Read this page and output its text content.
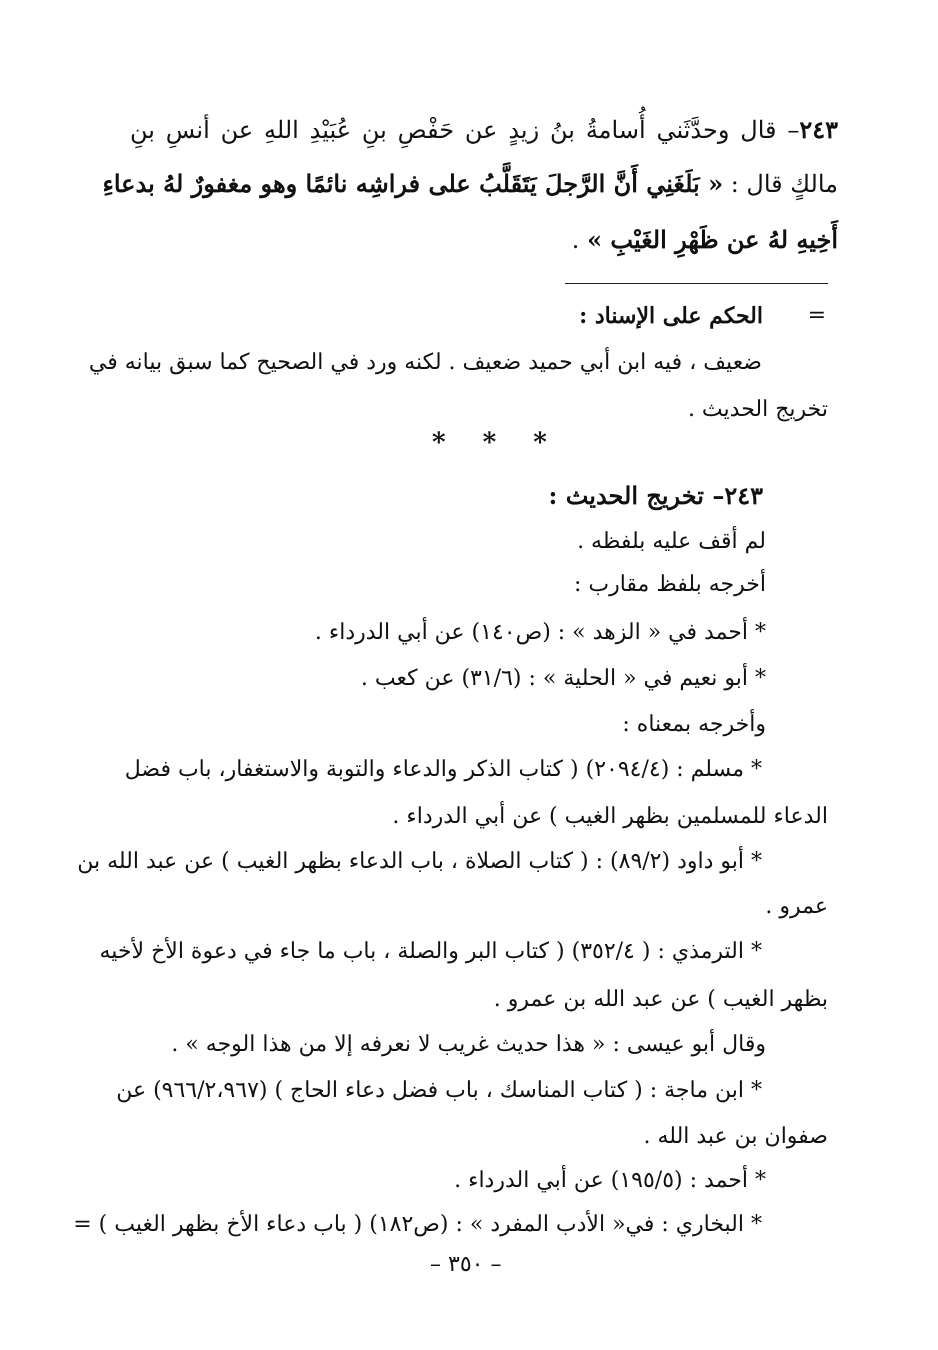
٢٤٣– قال وحدَّثَني أُسامةُ بنُ زيدٍ عن حَفْصِ بنِ عُبَيْدِ اللهِ عن أنسِ بنِ
مالكٍ قال : « بَلَغَنِي أَنَّ الرَّجلَ يَتَقَلَّبُ على فراشِه نائمًا وهو مغفورٌ لهُ بدعاءِ
أَخِيهِ لهُ عن ظَهْرِ الغَيْبِ » .
=
الحكم على الإسناد :
ضعيف ، فيه ابن أبي حميد ضعيف . لكنه ورد في الصحيح كما سبق بيانه في
تخريج الحديث .
* * *
٢٤٣– تخريج الحديث :
لم أقف عليه بلفظه .
أخرجه بلفظ مقارب :
* أحمد في « الزهد » : (ص١٤٠) عن أبي الدرداء .
* أبو نعيم في « الحلية » : (٣١/٦) عن كعب .
وأخرجه بمعناه :
* مسلم : (٢٠٩٤/٤) ( كتاب الذكر والدعاء والتوبة والاستغفار، باب فضل
الدعاء للمسلمين بظهر الغيب ) عن أبي الدرداء .
* أبو داود (٨٩/٢) : ( كتاب الصلاة ، باب الدعاء بظهر الغيب ) عن عبد الله بن
عمرو .
* الترمذي : ( ٣٥٢/٤) ( كتاب البر والصلة ، باب ما جاء في دعوة الأخ لأخيه
بظهر الغيب ) عن عبد الله بن عمرو .
وقال أبو عيسى : « هذا حديث غريب لا نعرفه إلا من هذا الوجه » .
* ابن ماجة : ( كتاب المناسك ، باب فضل دعاء الحاج ) (٩٦٦/٢،٩٦٧) عن
صفوان بن عبد الله .
* أحمد : (١٩٥/٥) عن أبي الدرداء .
* البخاري : في« الأدب المفرد » : (ص١٨٢) ( باب دعاء الأخ بظهر الغيب ) =
– ٣٥٠ –
